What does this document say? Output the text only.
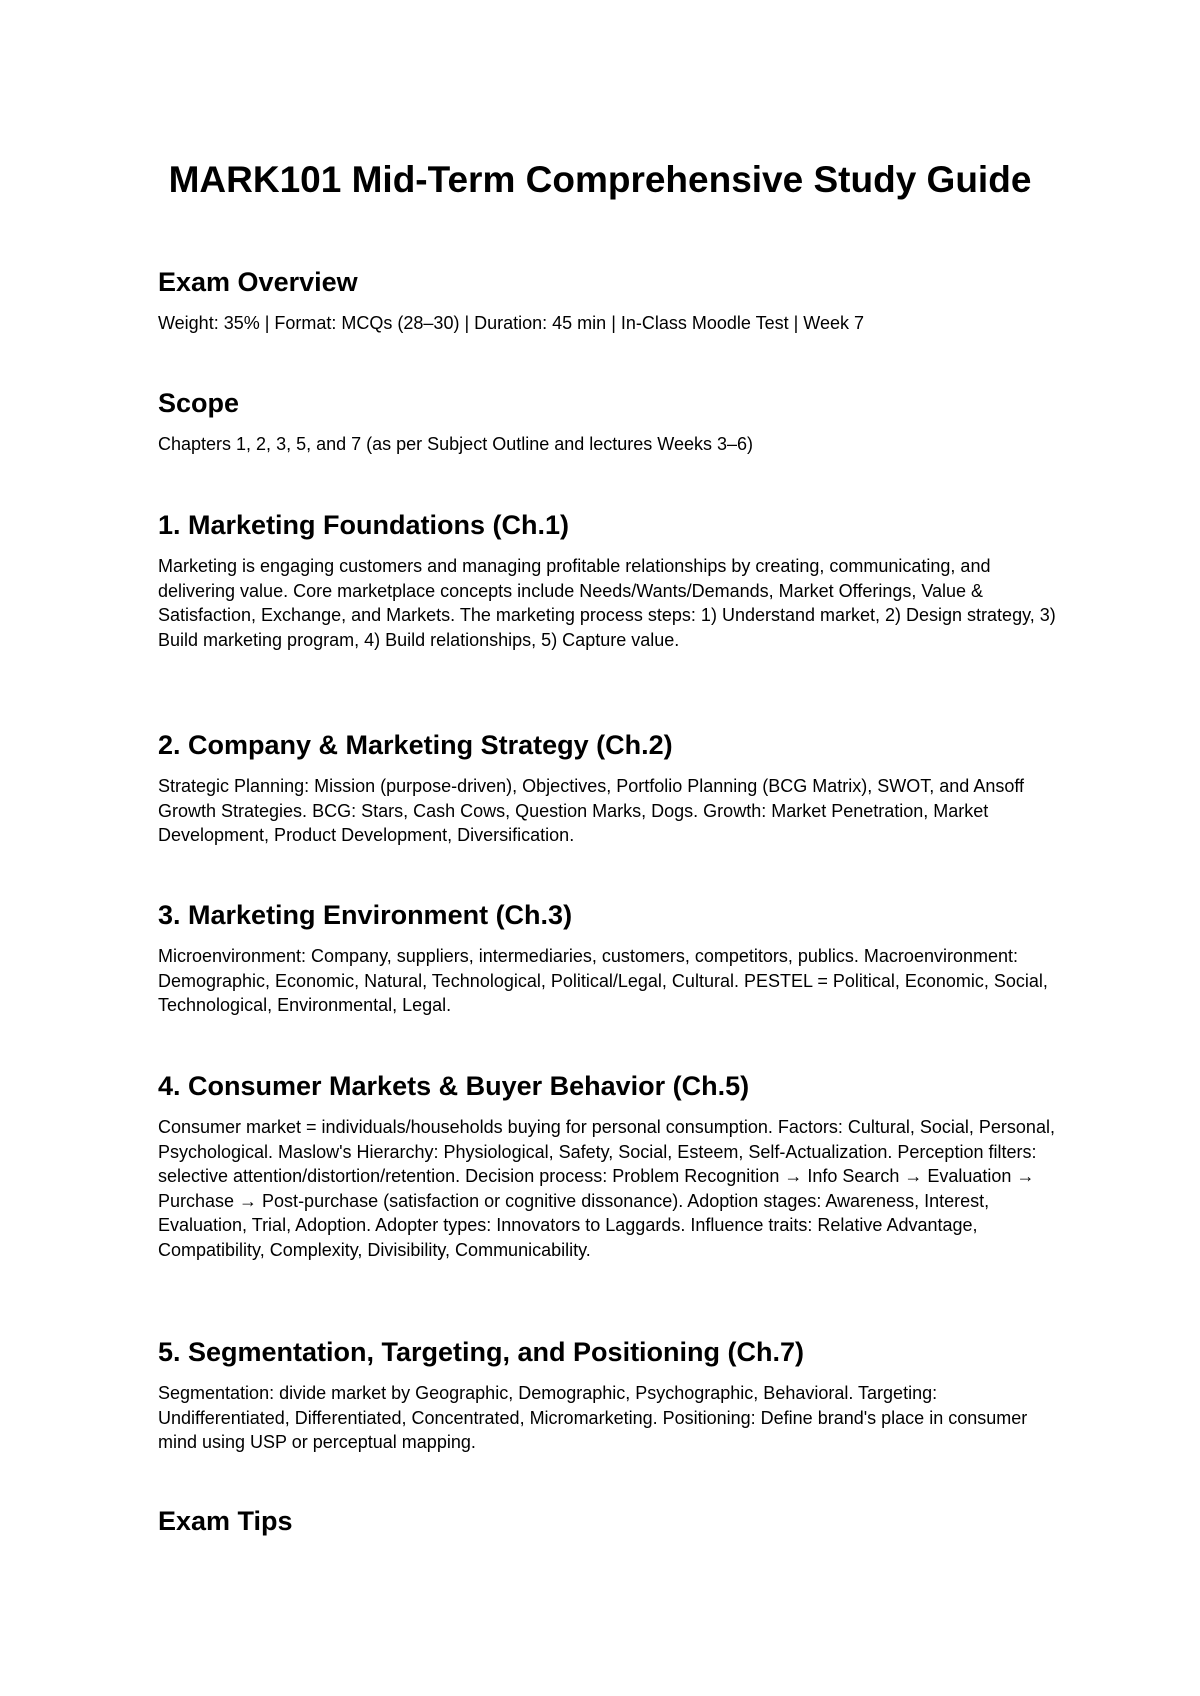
MARK101 Mid-Term Comprehensive Study Guide
Exam Overview

Weight: 35% | Format: MCQs (28–30) | Duration: 45 min | In-Class Moodle Test | Week 7

Scope

Chapters 1, 2, 3, 5, and 7 (as per Subject Outline and lectures Weeks 3–6)

1. Marketing Foundations (Ch.1)

Marketing is engaging customers and managing profitable relationships by creating, communicating, and delivering value. Core marketplace concepts include Needs/Wants/Demands, Market Offerings, Value & Satisfaction, Exchange, and Markets. The marketing process steps: 1) Understand market, 2) Design strategy, 3) Build marketing program, 4) Build relationships, 5) Capture value.

2. Company & Marketing Strategy (Ch.2)

Strategic Planning: Mission (purpose-driven), Objectives, Portfolio Planning (BCG Matrix), SWOT, and Ansoff Growth Strategies. BCG: Stars, Cash Cows, Question Marks, Dogs. Growth: Market Penetration, Market Development, Product Development, Diversification.

3. Marketing Environment (Ch.3)

Microenvironment: Company, suppliers, intermediaries, customers, competitors, publics. Macroenvironment: Demographic, Economic, Natural, Technological, Political/Legal, Cultural. PESTEL = Political, Economic, Social, Technological, Environmental, Legal.

4. Consumer Markets & Buyer Behavior (Ch.5)

Consumer market = individuals/households buying for personal consumption. Factors: Cultural, Social, Personal, Psychological. Maslow's Hierarchy: Physiological, Safety, Social, Esteem, Self-Actualization. Perception filters: selective attention/distortion/retention. Decision process: Problem Recognition → Info Search → Evaluation → Purchase → Post-purchase (satisfaction or cognitive dissonance). Adoption stages: Awareness, Interest, Evaluation, Trial, Adoption. Adopter types: Innovators to Laggards. Influence traits: Relative Advantage, Compatibility, Complexity, Divisibility, Communicability.

5. Segmentation, Targeting, and Positioning (Ch.7)

Segmentation: divide market by Geographic, Demographic, Psychographic, Behavioral. Targeting: Undifferentiated, Differentiated, Concentrated, Micromarketing. Positioning: Define brand's place in consumer mind using USP or perceptual mapping.

Exam Tips
